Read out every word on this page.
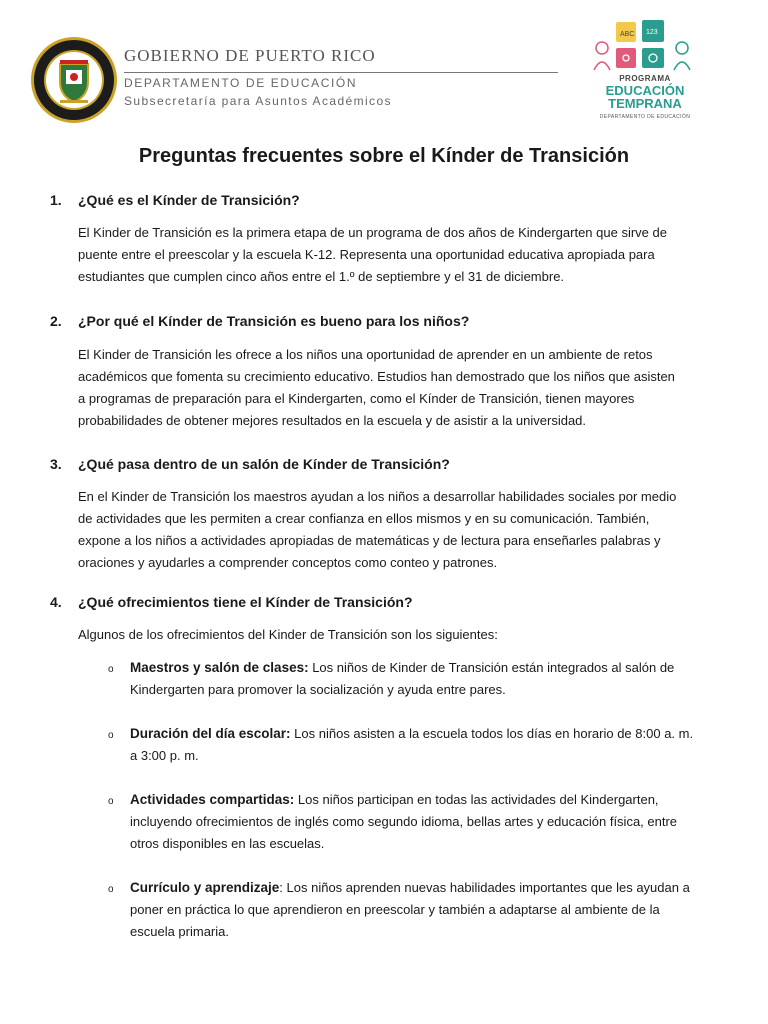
GOBIERNO DE PUERTO RICO
DEPARTAMENTO DE EDUCACIÓN
Subsecretaría para Asuntos Académicos
ABC 123
PROGRAMA
EDUCACIÓN
TEMPRANA
DEPARTAMENTO DE EDUCACIÓN
Preguntas frecuentes sobre el Kínder de Transición
1. ¿Qué es el Kínder de Transición?
El Kinder de Transición es la primera etapa de un programa de dos años de Kindergarten que sirve de
puente entre el preescolar y la escuela K-12. Representa una oportunidad educativa apropiada para
estudiantes que cumplen cinco años entre el 1.º de septiembre y el 31 de diciembre.
2. ¿Por qué el Kínder de Transición es bueno para los niños?
El Kinder de Transición les ofrece a los niños una oportunidad de aprender en un ambiente de retos
académicos que fomenta su crecimiento educativo. Estudios han demostrado que los niños que asisten
a programas de preparación para el Kindergarten, como el Kínder de Transición, tienen mayores
probabilidades de obtener mejores resultados en la escuela y de asistir a la universidad.
3. ¿Qué pasa dentro de un salón de Kínder de Transición?
En el Kinder de Transición los maestros ayudan a los niños a desarrollar habilidades sociales por medio
de actividades que les permiten a crear confianza en ellos mismos y en su comunicación. También,
expone a los niños a actividades apropiadas de matemáticas y de lectura para enseñarles palabras y
oraciones y ayudarles a comprender conceptos como conteo y patrones.
4. ¿Qué ofrecimientos tiene el Kínder de Transición?
Algunos de los ofrecimientos del Kinder de Transición son los siguientes:
o Maestros y salón de clases: Los niños de Kinder de Transición están integrados al salón de
Kindergarten para promover la socialización y ayuda entre pares.
o Duración del día escolar: Los niños asisten a la escuela todos los días en horario de 8:00 a. m.
a 3:00 p. m.
o Actividades compartidas: Los niños participan en todas las actividades del Kindergarten,
incluyendo ofrecimientos de inglés como segundo idioma, bellas artes y educación física, entre
otros disponibles en las escuelas.
o Currículo y aprendizaje: Los niños aprenden nuevas habilidades importantes que les ayudan a
poner en práctica lo que aprendieron en preescolar y también a adaptarse al ambiente de la
escuela primaria.
